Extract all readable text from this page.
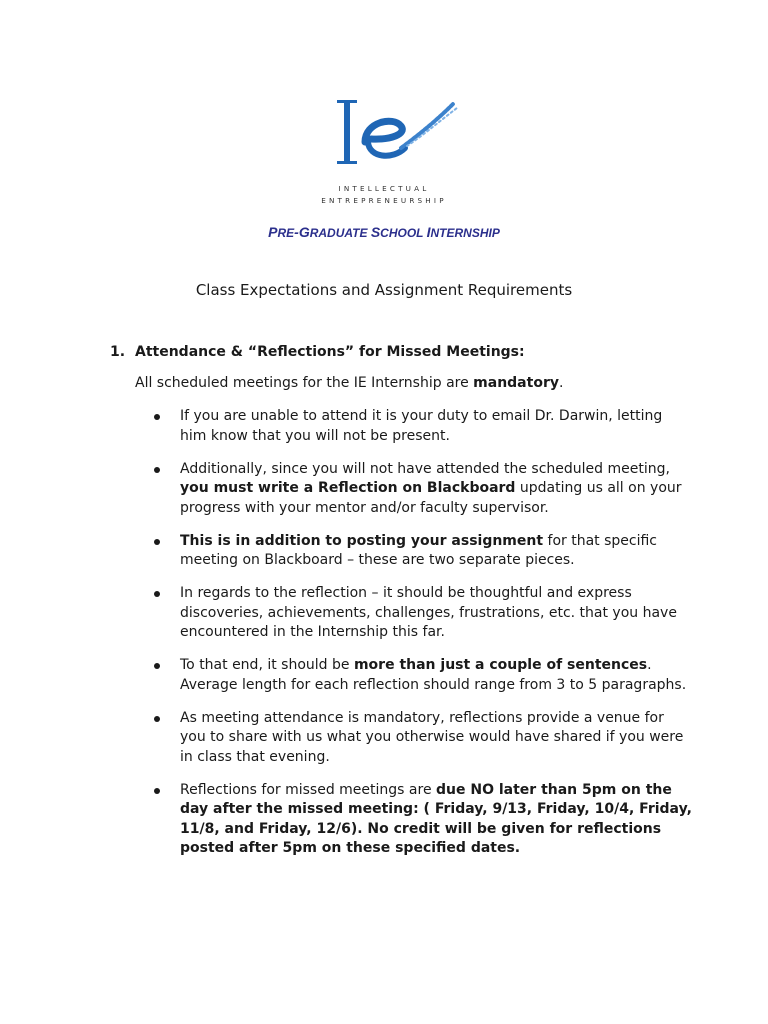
INTELLECTUAL
ENTREPRENEURSHIP
PRE-GRADUATE SCHOOL INTERNSHIP
Class Expectations and Assignment Requirements
1. Attendance & “Reflections” for Missed Meetings:
All scheduled meetings for the IE Internship are mandatory.
If you are unable to attend it is your duty to email Dr. Darwin, letting him know that you will not be present.
Additionally, since you will not have attended the scheduled meeting, you must write a Reflection on Blackboard updating us all on your progress with your mentor and/or faculty supervisor.
This is in addition to posting your assignment for that specific meeting on Blackboard – these are two separate pieces.
In regards to the reflection – it should be thoughtful and express discoveries, achievements, challenges, frustrations, etc. that you have encountered in the Internship this far.
To that end, it should be more than just a couple of sentences. Average length for each reflection should range from 3 to 5 paragraphs.
As meeting attendance is mandatory, reflections provide a venue for you to share with us what you otherwise would have shared if you were in class that evening.
Reflections for missed meetings are due NO later than 5pm on the day after the missed meeting: ( Friday, 9/13, Friday, 10/4, Friday, 11/8, and Friday, 12/6). No credit will be given for reflections posted after 5pm on these specified dates.
